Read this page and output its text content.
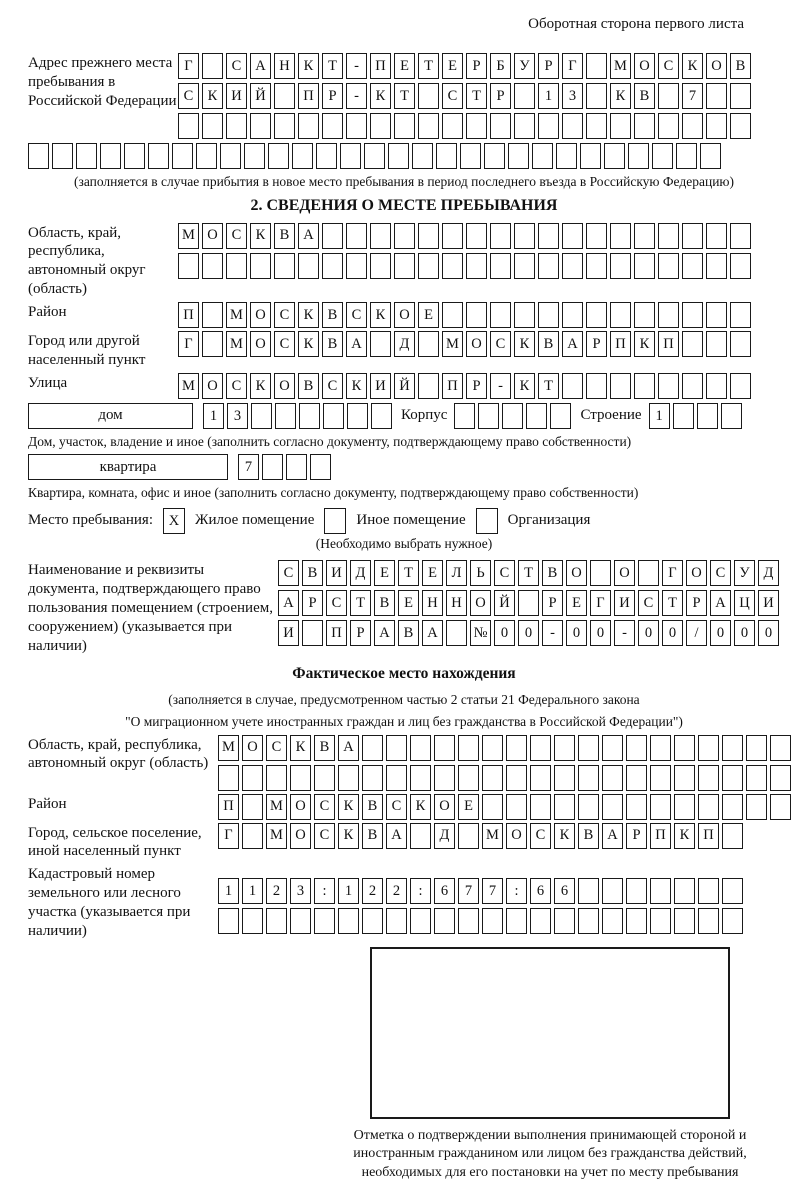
Оборотная сторона первого листа
Адрес прежнего места пребывания в Российской Федерации
Г	С А Н К	Т	-	П Е	Т	Е	Р	Б	У	Р	Г	М О С К О В
С К И Й	П	Р	-	К	Т	С	Т	Р	1	3	К В	7
(заполняется в случае прибытия в новое место пребывания в период последнего въезда в Российскую Федерацию)
2. СВЕДЕНИЯ О МЕСТЕ ПРЕБЫВАНИЯ
Область, край, республика, автономный округ (область)
М О С К В А
Район	П	М О С К В С К О Е
Город или другой населенный пункт
Г	М О С К В А	Д	М О С К В А	Р	П К П
Улица	М О С К О В С К И Й	П	Р	-	К	Т
дом	1	3	Корпус	Строение 1
Дом, участок, владение и иное (заполнить согласно документу, подтверждающему право собственности)
квартира	7
Квартира, комната, офис и иное (заполнить согласно документу, подтверждающему право собственности)
Место пребывания:	X	Жилое помещение	Иное помещение	Организация
(Необходимо выбрать нужное)
Наименование и реквизиты документа, подтверждающего право пользования помещением (строением, сооружением) (указывается при наличии)
С В И Д	Е	Т	Е	Л	Ь	С	Т	В О	О	Г	О С У Д
А	Р	С	Т	В	Е Н Н О Й	Р	Е	Г	И С	Т	Р	А Ц И
И	П	Р	А В А	№ 0	0	-	0	0	-	0	0	/	0	0	0
Фактическое место нахождения
(заполняется в случае, предусмотренном частью 2 статьи 21 Федерального закона
"О миграционном учете иностранных граждан и лиц без гражданства в Российской Федерации")
Область, край, республика, автономный округ (область)
М О С К В А
Район	П	М О С К В С К О Е
Город, сельское поселение, иной населенный пункт
Г	М О С К В А	Д	М О С К В А	Р	П К П
Кадастровый номер земельного или лесного участка (указывается при наличии)
1	1	2	3	:	1	2	2	:	6	7	7	:	6	6
Отметка о подтверждении выполнения принимающей стороной и иностранным гражданином или лицом без гражданства действий, необходимых для его постановки на учет по месту пребывания
